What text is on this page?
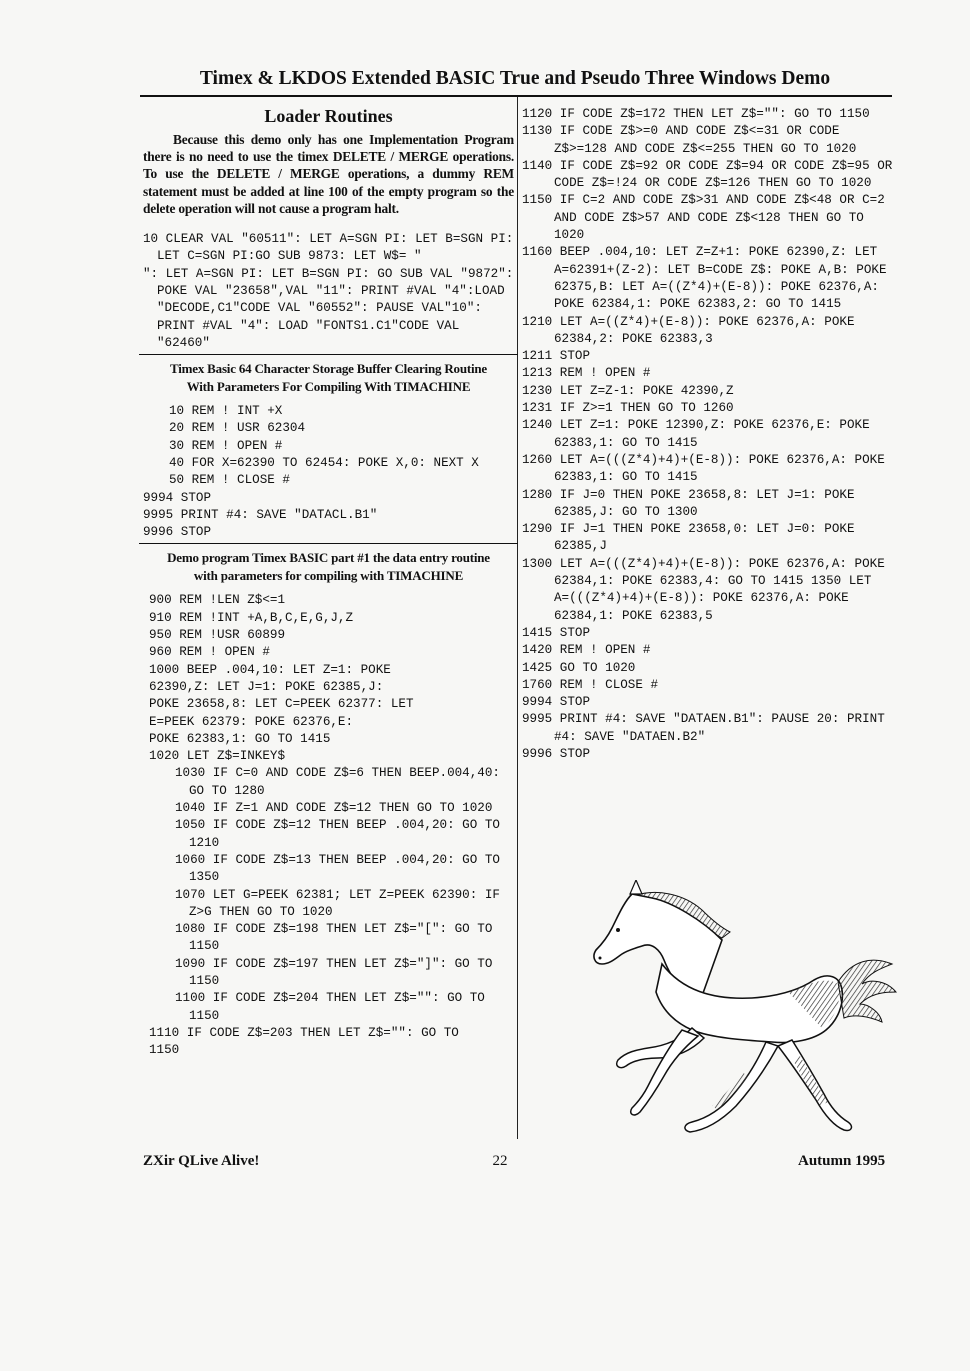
Timex & LKDOS Extended BASIC True and Pseudo Three Windows Demo
Loader Routines

Because this demo only has one Implementation Program there is no need to use the timex DELETE / MERGE operations. To use the DELETE / MERGE operations, a dummy REM statement must be added at line 100 of the empty program so the delete operation will not cause a program halt.

10 CLEAR VAL "60511": LET A=SGN PI: LET B=SGN PI: LET C=SGN PI:GO SUB 9873: LET W$= "
": LET A=SGN PI: LET B=SGN PI: GO SUB VAL "9872": POKE VAL "23658",VAL "11": PRINT #VAL "4":LOAD "DECODE,C1"CODE VAL "60552": PAUSE VAL"10": PRINT #VAL "4": LOAD "FONTS1.C1"CODE VAL "62460"
Timex Basic 64 Character Storage Buffer Clearing Routine
With Parameters For Compiling With TIMACHINE
10 REM ! INT +X
20 REM ! USR 62304
30 REM ! OPEN #
40 FOR X=62390 TO 62454: POKE X,0: NEXT X
50 REM ! CLOSE #
9994 STOP
9995 PRINT #4: SAVE "DATACL.B1"
9996 STOP
Demo program Timex BASIC part #1 the data entry routine
with parameters for compiling with TIMACHINE
900 REM !LEN Z$<=1
910 REM !INT +A,B,C,E,G,J,Z
950 REM !USR 60899
960 REM ! OPEN #
1000 BEEP .004,10: LET Z=1: POKE
62390,Z: LET J=1: POKE 62385,J:
POKE 23658,8: LET C=PEEK 62377: LET
E=PEEK 62379: POKE 62376,E:
POKE 62383,1: GO TO 1415
1020 LET Z$=INKEY$
1030 IF C=0 AND CODE Z$=6 THEN BEEP.004,40: GO TO 1280
1040 IF Z=1 AND CODE Z$=12 THEN GO TO 1020
1050 IF CODE Z$=12 THEN BEEP .004,20: GO TO 1210
1060 IF CODE Z$=13 THEN BEEP .004,20: GO TO 1350
1070 LET G=PEEK 62381; LET Z=PEEK 62390: IF Z>G THEN GO TO 1020
1080 IF CODE Z$=198 THEN LET Z$="[": GO TO 1150
1090 IF CODE Z$=197 THEN LET Z$="]": GO TO 1150
1100 IF CODE Z$=204 THEN LET Z$="": GO TO 1150
1110 IF CODE Z$=203 THEN LET Z$="": GO TO
1150
1120 IF CODE Z$=172 THEN LET Z$="": GO TO 1150
1130 IF CODE Z$>=0 AND CODE Z$<=31 OR CODE Z$>=128 AND CODE Z$<=255 THEN GO TO 1020
1140 IF CODE Z$=92 OR CODE Z$=94 OR CODE Z$=95 OR CODE Z$=!24 OR CODE Z$=126 THEN GO TO 1020
1150 IF C=2 AND CODE Z$>31 AND CODE Z$<48 OR C=2 AND CODE Z$>57 AND CODE Z$<128 THEN GO TO 1020
1160 BEEP .004,10: LET Z=Z+1: POKE 62390,Z: LET A=62391+(Z-2): LET B=CODE Z$: POKE A,B: POKE 62375,B: LET A=((Z*4)+(E-8)): POKE 62376,A: POKE 62384,1: POKE 62383,2: GO TO 1415
1210 LET A=((Z*4)+(E-8)): POKE 62376,A: POKE 62384,2: POKE 62383,3
1211 STOP
1213 REM ! OPEN #
1230 LET Z=Z-1: POKE 42390,Z
1231 IF Z>=1 THEN GO TO 1260
1240 LET Z=1: POKE 12390,Z: POKE 62376,E: POKE 62383,1: GO TO 1415
1260 LET A=(((Z*4)+4)+(E-8)): POKE 62376,A: POKE 62383,1: GO TO 1415
1280 IF J=0 THEN POKE 23658,8: LET J=1: POKE 62385,J: GO TO 1300
1290 IF J=1 THEN POKE 23658,0: LET J=0: POKE 62385,J
1300 LET A=(((Z*4)+4)+(E-8)): POKE 62376,A: POKE 62384,1: POKE 62383,4: GO TO 1415 1350 LET A=(((Z*4)+4)+(E-8)): POKE 62376,A: POKE 62384,1: POKE 62383,5
1415 STOP
1420 REM ! OPEN #
1425 GO TO 1020
1760 REM ! CLOSE #
9994 STOP
9995 PRINT #4: SAVE "DATAEN.B1": PAUSE 20: PRINT #4: SAVE "DATAEN.B2"
9996 STOP
ZXir QLive Alive!	22	Autumn 1995
